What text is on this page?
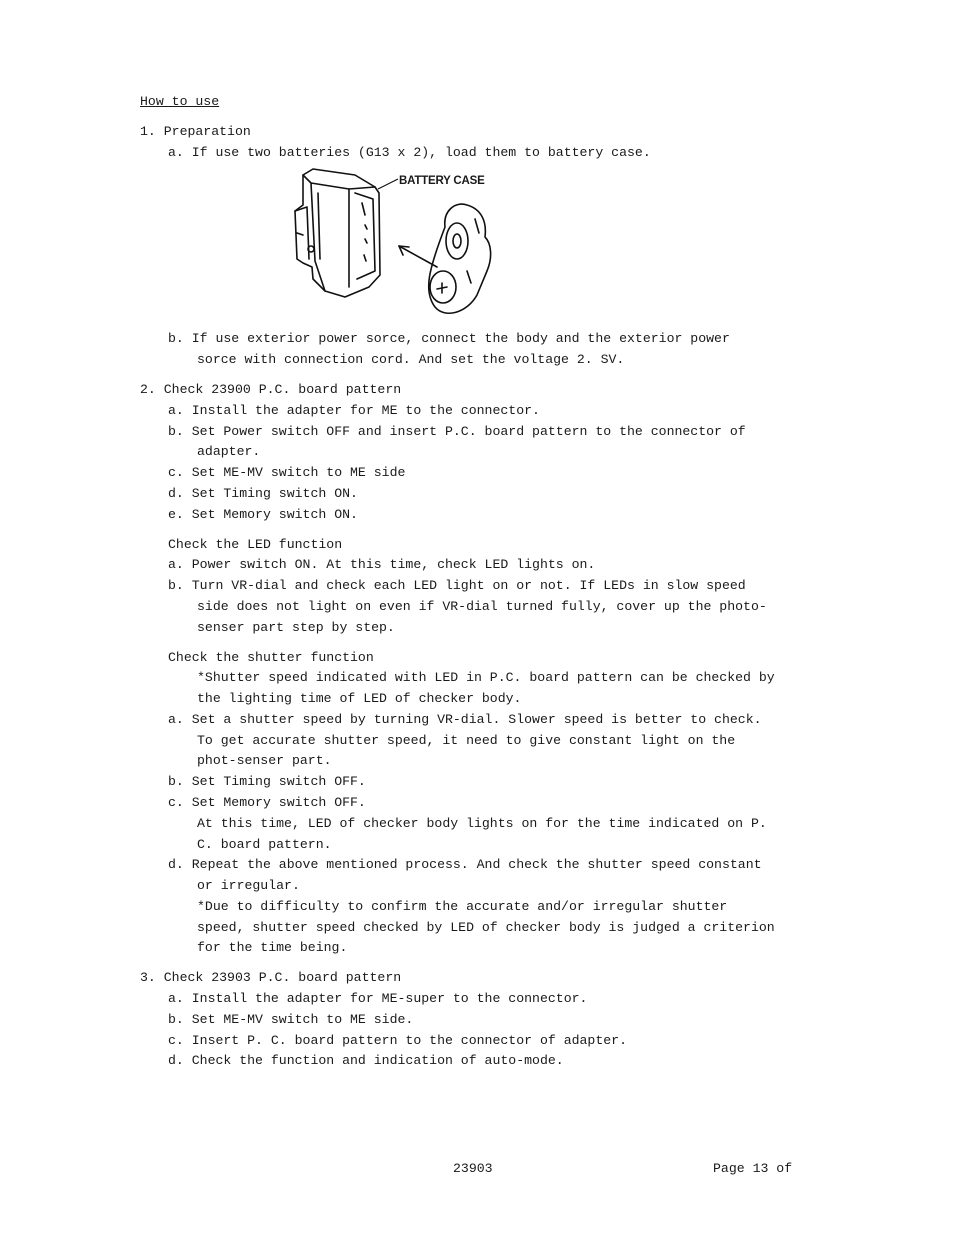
How to use
1. Preparation
a. If use two batteries (G13 x 2), load them to battery case.
b. If use exterior power sorce, connect the body and the exterior power
sorce with connection cord. And set the voltage 2. SV.
2. Check 23900 P.C. board pattern
a. Install the adapter for ME to the connector.
b. Set Power switch OFF and insert P.C. board pattern to the connector of
adapter.
c. Set ME-MV switch to ME side
d. Set Timing switch ON.
e. Set Memory switch ON.
Check the LED function
a. Power switch ON. At this time, check LED lights on.
b. Turn VR-dial and check each LED light on or not. If LEDs in slow speed
side does not light on even if VR-dial turned fully, cover up the photo-
senser part step by step.
Check the shutter function
*Shutter speed indicated with LED in P.C. board pattern can be checked by
the lighting time of LED of checker body.
a. Set a shutter speed by turning VR-dial. Slower speed is better to check.
To get accurate shutter speed, it need to give constant light on the
phot-senser part.
b. Set Timing switch OFF.
c. Set Memory switch OFF.
At this time, LED of checker body lights on for the time indicated on P.
C. board pattern.
d. Repeat the above mentioned process. And check the shutter speed constant
or irregular.
*Due to difficulty to confirm the accurate and/or irregular shutter
speed, shutter speed checked by LED of checker body is judged a criterion
for the time being.
3. Check 23903 P.C. board pattern
a. Install the adapter for ME-super to the connector.
b. Set ME-MV switch to ME side.
c. Insert P. C. board pattern to the connector of adapter.
d. Check the function and indication of auto-mode.
BATTERY CASE
23903	Page 13 of
